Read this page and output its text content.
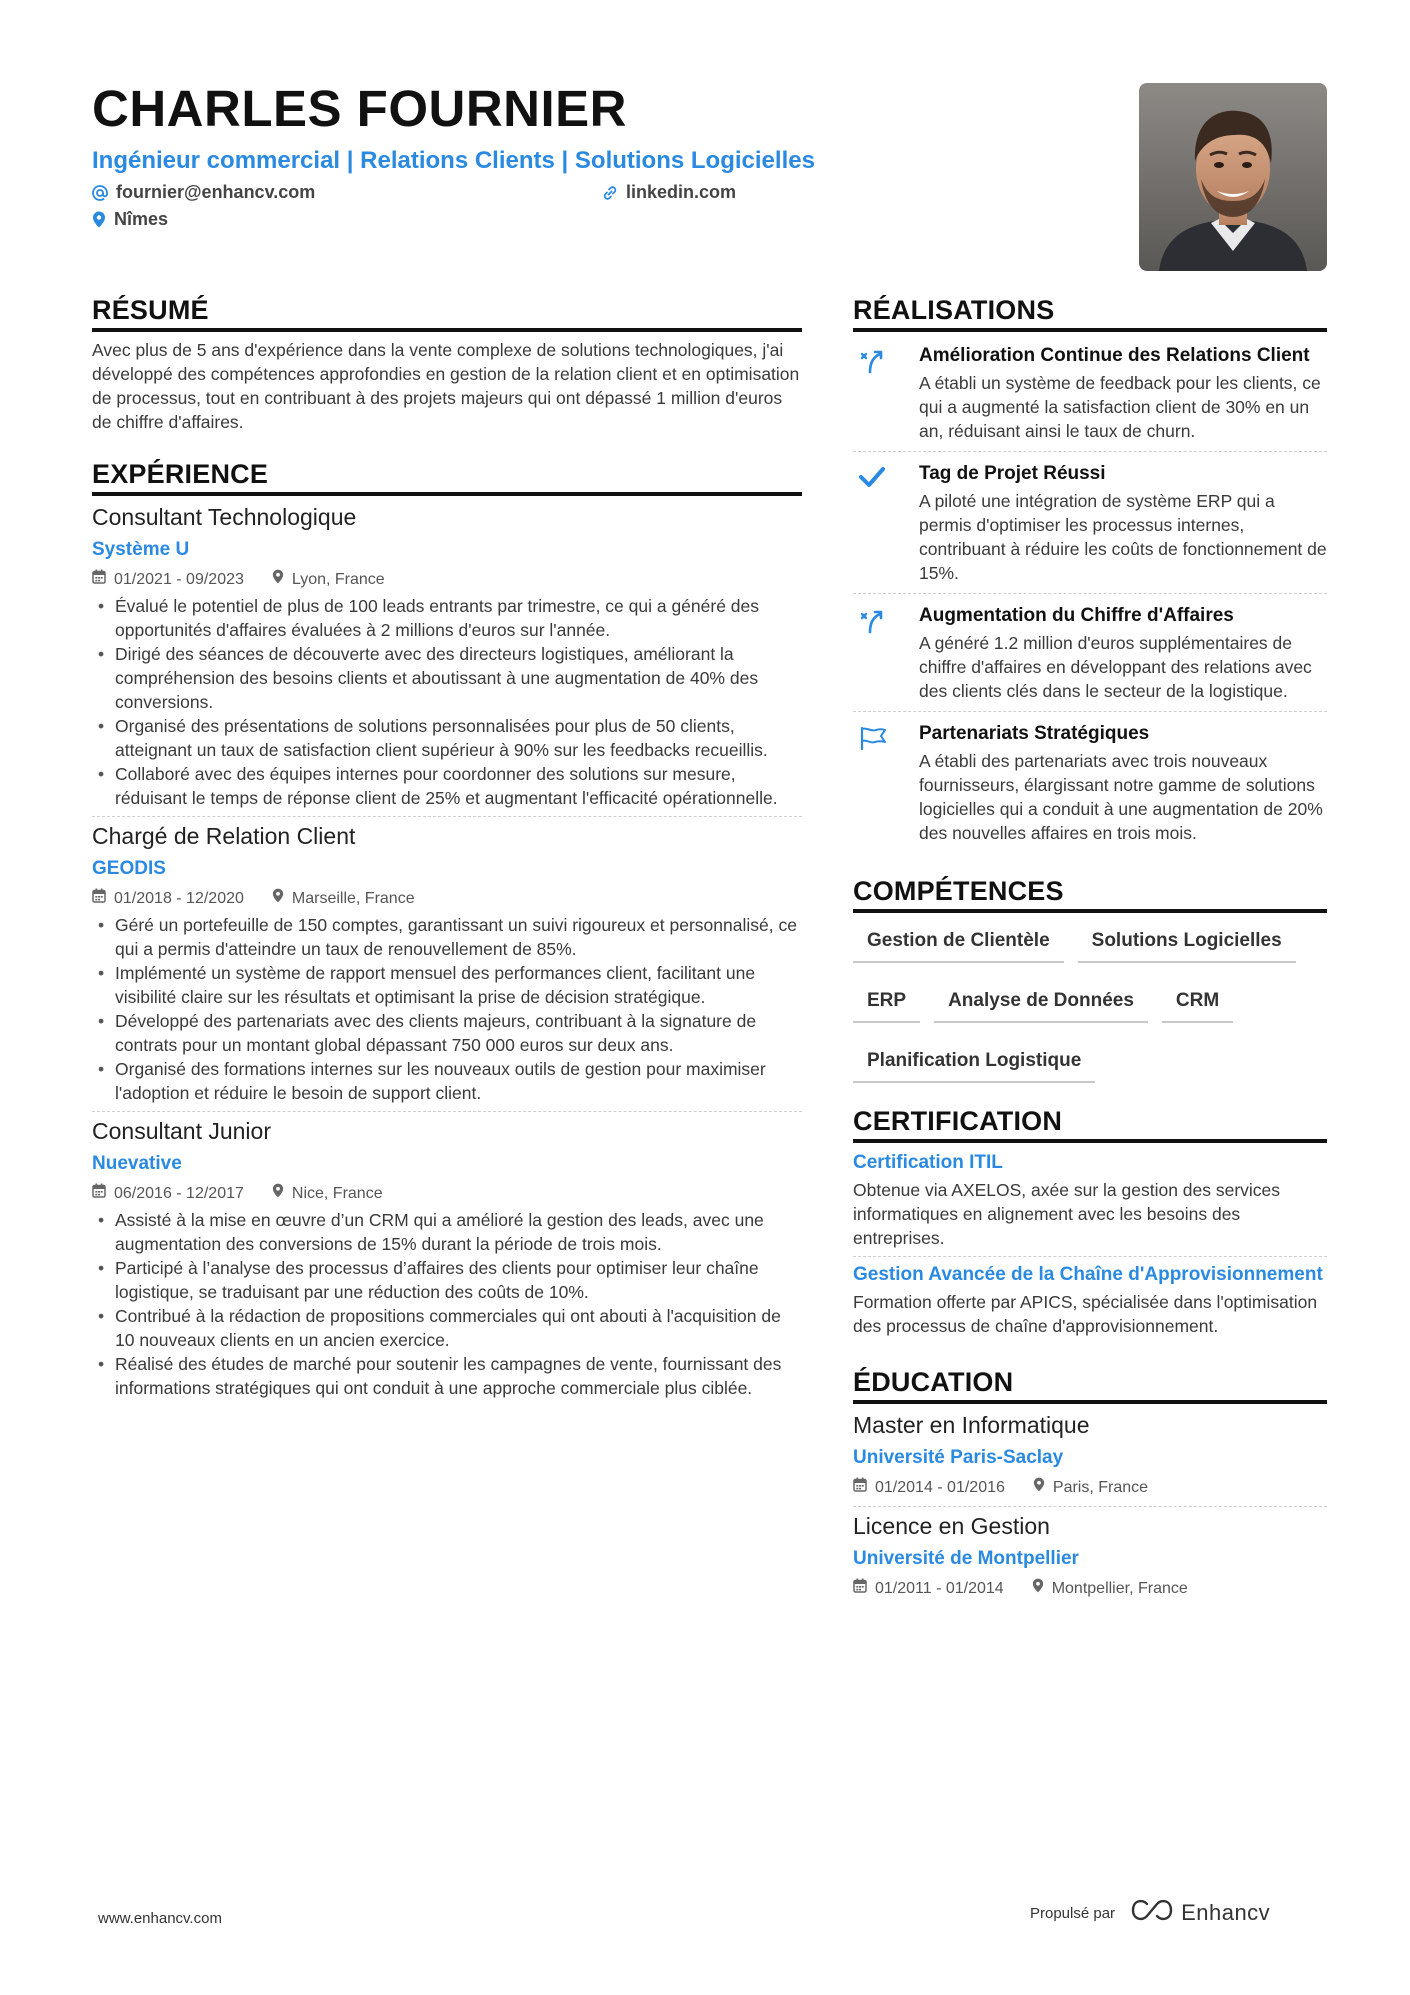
CHARLES FOURNIER
Ingénieur commercial | Relations Clients | Solutions Logicielles
fournier@enhancv.com	linkedin.com
Nîmes
RÉSUMÉ

Avec plus de 5 ans d'expérience dans la vente complexe de solutions technologiques, j'ai développé des compétences approfondies en gestion de la relation client et en optimisation de processus, tout en contribuant à des projets majeurs qui ont dépassé 1 million d'euros de chiffre d'affaires.

EXPÉRIENCE
Consultant Technologique
Système U
01/2021 - 09/2023	Lyon, France
• Évalué le potentiel de plus de 100 leads entrants par trimestre, ce qui a généré des opportunités d'affaires évaluées à 2 millions d'euros sur l'année.
• Dirigé des séances de découverte avec des directeurs logistiques, améliorant la compréhension des besoins clients et aboutissant à une augmentation de 40% des conversions.
• Organisé des présentations de solutions personnalisées pour plus de 50 clients, atteignant un taux de satisfaction client supérieur à 90% sur les feedbacks recueillis.
• Collaboré avec des équipes internes pour coordonner des solutions sur mesure, réduisant le temps de réponse client de 25% et augmentant l'efficacité opérationnelle.
Chargé de Relation Client
GEODIS
01/2018 - 12/2020	Marseille, France
• Géré un portefeuille de 150 comptes, garantissant un suivi rigoureux et personnalisé, ce qui a permis d'atteindre un taux de renouvellement de 85%.
• Implémenté un système de rapport mensuel des performances client, facilitant une visibilité claire sur les résultats et optimisant la prise de décision stratégique.
• Développé des partenariats avec des clients majeurs, contribuant à la signature de contrats pour un montant global dépassant 750 000 euros sur deux ans.
• Organisé des formations internes sur les nouveaux outils de gestion pour maximiser l'adoption et réduire le besoin de support client.
Consultant Junior
Nuevative
06/2016 - 12/2017	Nice, France
• Assisté à la mise en œuvre d’un CRM qui a amélioré la gestion des leads, avec une augmentation des conversions de 15% durant la période de trois mois.
• Participé à l’analyse des processus d’affaires des clients pour optimiser leur chaîne logistique, se traduisant par une réduction des coûts de 10%.
• Contribué à la rédaction de propositions commerciales qui ont abouti à l'acquisition de 10 nouveaux clients en un ancien exercice.
• Réalisé des études de marché pour soutenir les campagnes de vente, fournissant des informations stratégiques qui ont conduit à une approche commerciale plus ciblée.
RÉALISATIONS
Amélioration Continue des Relations Client
A établi un système de feedback pour les clients, ce qui a augmenté la satisfaction client de 30% en un an, réduisant ainsi le taux de churn.
Tag de Projet Réussi
A piloté une intégration de système ERP qui a permis d'optimiser les processus internes, contribuant à réduire les coûts de fonctionnement de 15%.
Augmentation du Chiffre d'Affaires
A généré 1.2 million d'euros supplémentaires de chiffre d'affaires en développant des relations avec des clients clés dans le secteur de la logistique.
Partenariats Stratégiques
A établi des partenariats avec trois nouveaux fournisseurs, élargissant notre gamme de solutions logicielles qui a conduit à une augmentation de 20% des nouvelles affaires en trois mois.
COMPÉTENCES
Gestion de Clientèle	Solutions Logicielles
ERP	Analyse de Données	CRM
Planification Logistique
CERTIFICATION
Certification ITIL
Obtenue via AXELOS, axée sur la gestion des services informatiques en alignement avec les besoins des entreprises.
Gestion Avancée de la Chaîne d'Approvisionnement
Formation offerte par APICS, spécialisée dans l'optimisation des processus de chaîne d'approvisionnement.
ÉDUCATION
Master en Informatique
Université Paris-Saclay
01/2014 - 01/2016	Paris, France
Licence en Gestion
Université de Montpellier
01/2011 - 01/2014	Montpellier, France
www.enhancv.com	Propulsé par	Enhancv
